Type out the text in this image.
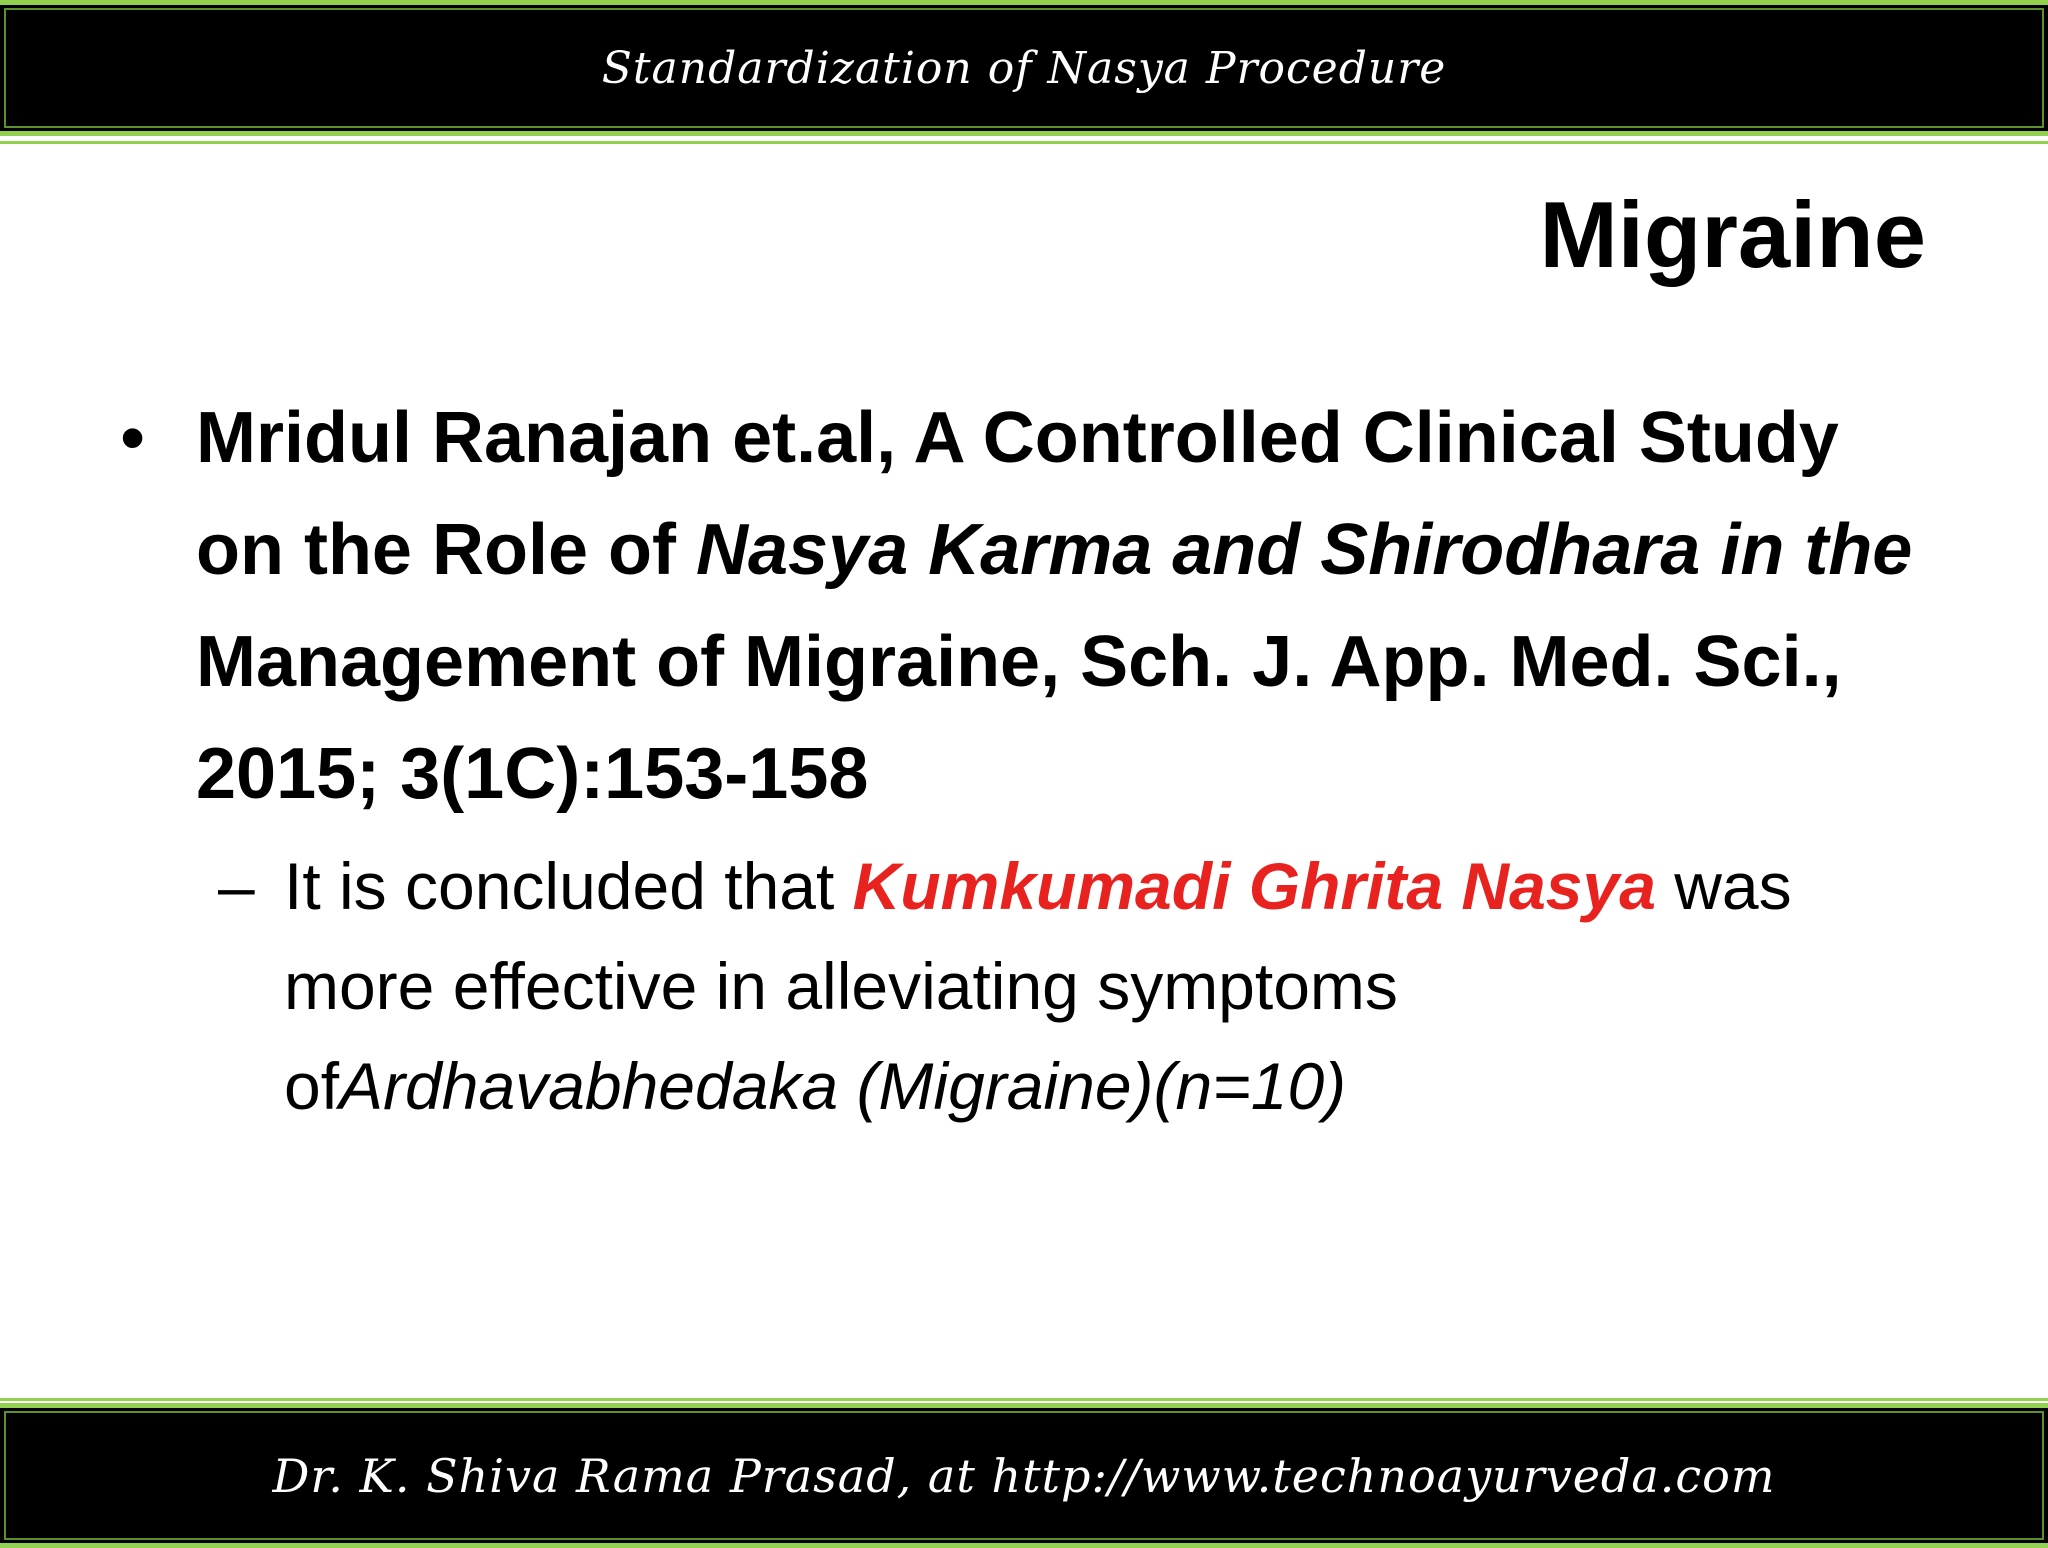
Standardization of Nasya Procedure
Migraine
• Mridul Ranajan et.al, A Controlled Clinical Study on the Role of Nasya Karma and Shirodhara in the Management of Migraine, Sch. J. App. Med. Sci., 2015; 3(1C):153-158
– It is concluded that Kumkumadi Ghrita Nasya was more effective in alleviating symptoms ofArdhavabhedaka (Migraine)(n=10)
Dr. K. Shiva Rama Prasad, at http://www.technoayurveda.com
